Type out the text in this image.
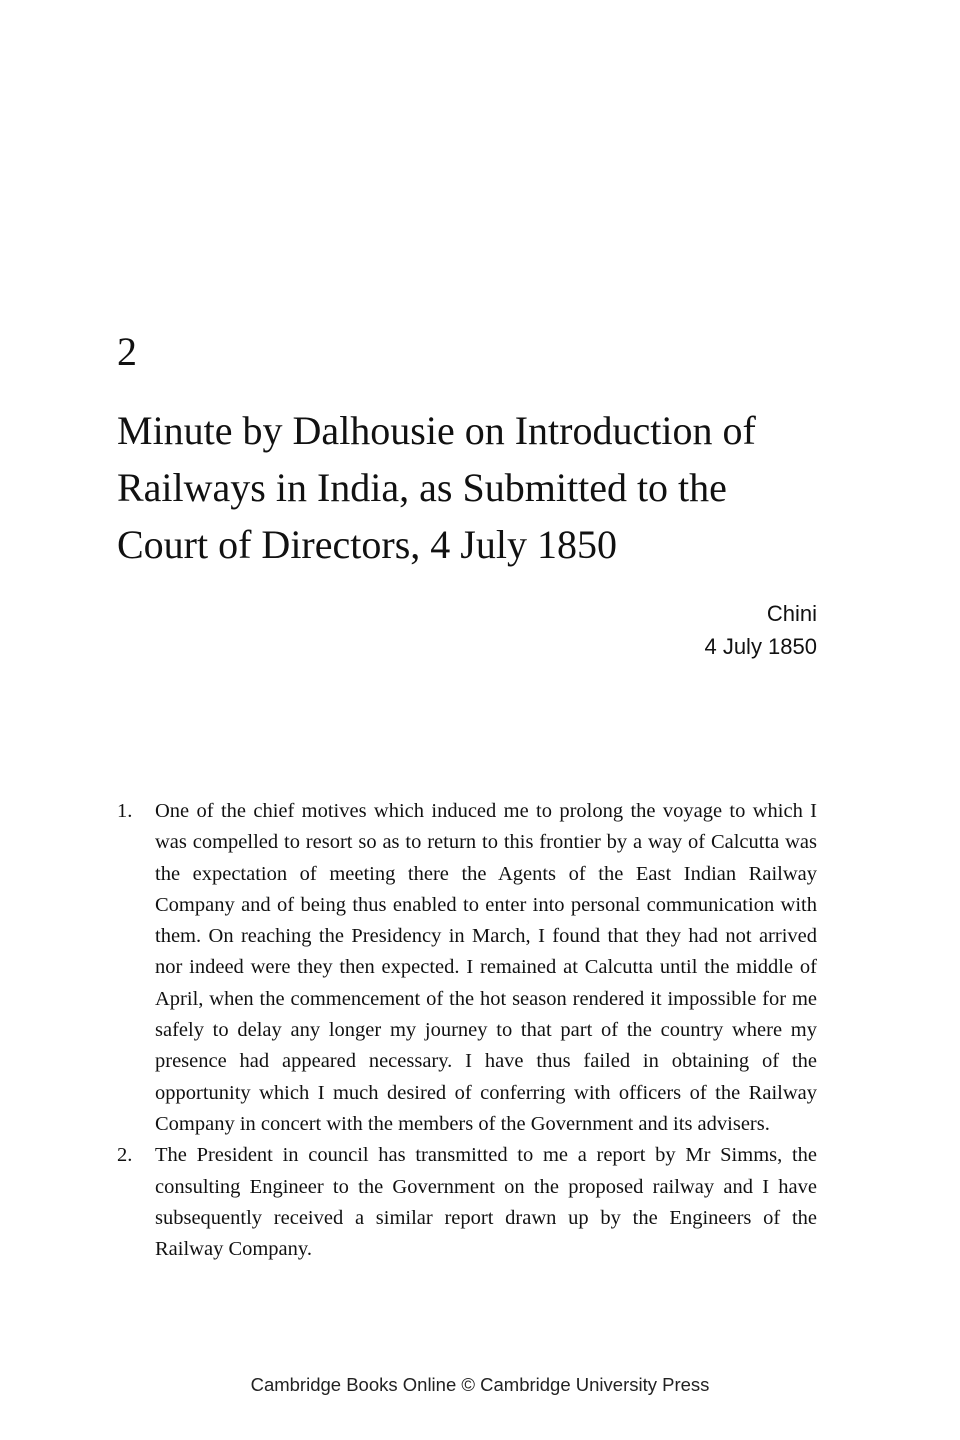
2
Minute by Dalhousie on Introduction of
Railways in India, as Submitted to the
Court of Directors, 4 July 1850
Chini
4 July 1850
1.	One of the chief motives which induced me to prolong the voyage to which I was compelled to resort so as to return to this frontier by a way of Calcutta was the expectation of meeting there the Agents of the East Indian Railway Company and of being thus enabled to enter into personal communication with them. On reaching the Presidency in March, I found that they had not arrived nor indeed were they then expected. I remained at Calcutta until the middle of April, when the commencement of the hot season rendered it impossible for me safely to delay any longer my journey to that part of the country where my presence had appeared necessary. I have thus failed in obtaining of the opportunity which I much desired of conferring with officers of the Railway Company in concert with the members of the Government and its advisers.
2.	The President in council has transmitted to me a report by Mr Simms, the consulting Engineer to the Government on the proposed railway and I have subsequently received a similar report drawn up by the Engineers of the Railway Company.
Cambridge Books Online © Cambridge University Press
